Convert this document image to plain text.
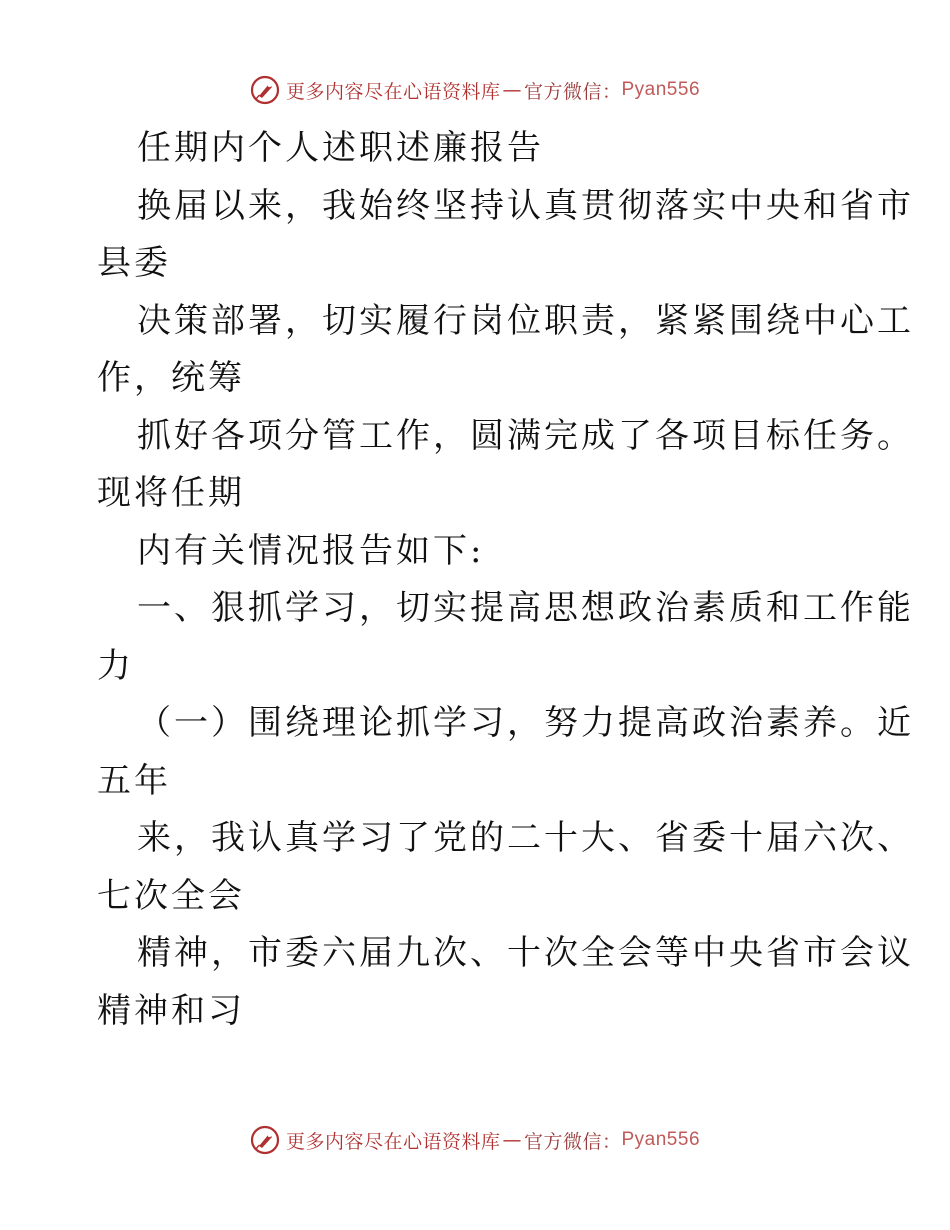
更多内容尽在心语资料库 — 官方微信： Pyan556
任期内个人述职述廉报告
换届以来，我始终坚持认真贯彻落实中央和省市
县委
决策部署，切实履行岗位职责，紧紧围绕中心工
作，统筹
抓好各项分管工作，圆满完成了各项目标任务。
现将任期
内有关情况报告如下:
一、狠抓学习，切实提高思想政治素质和工作能
力
（一）围绕理论抓学习，努力提高政治素养。近
五年
来，我认真学习了党的二十大、省委十届六次、
七次全会
精神，市委六届九次、十次全会等中央省市会议
精神和习
更多内容尽在心语资料库 — 官方微信： Pyan556
